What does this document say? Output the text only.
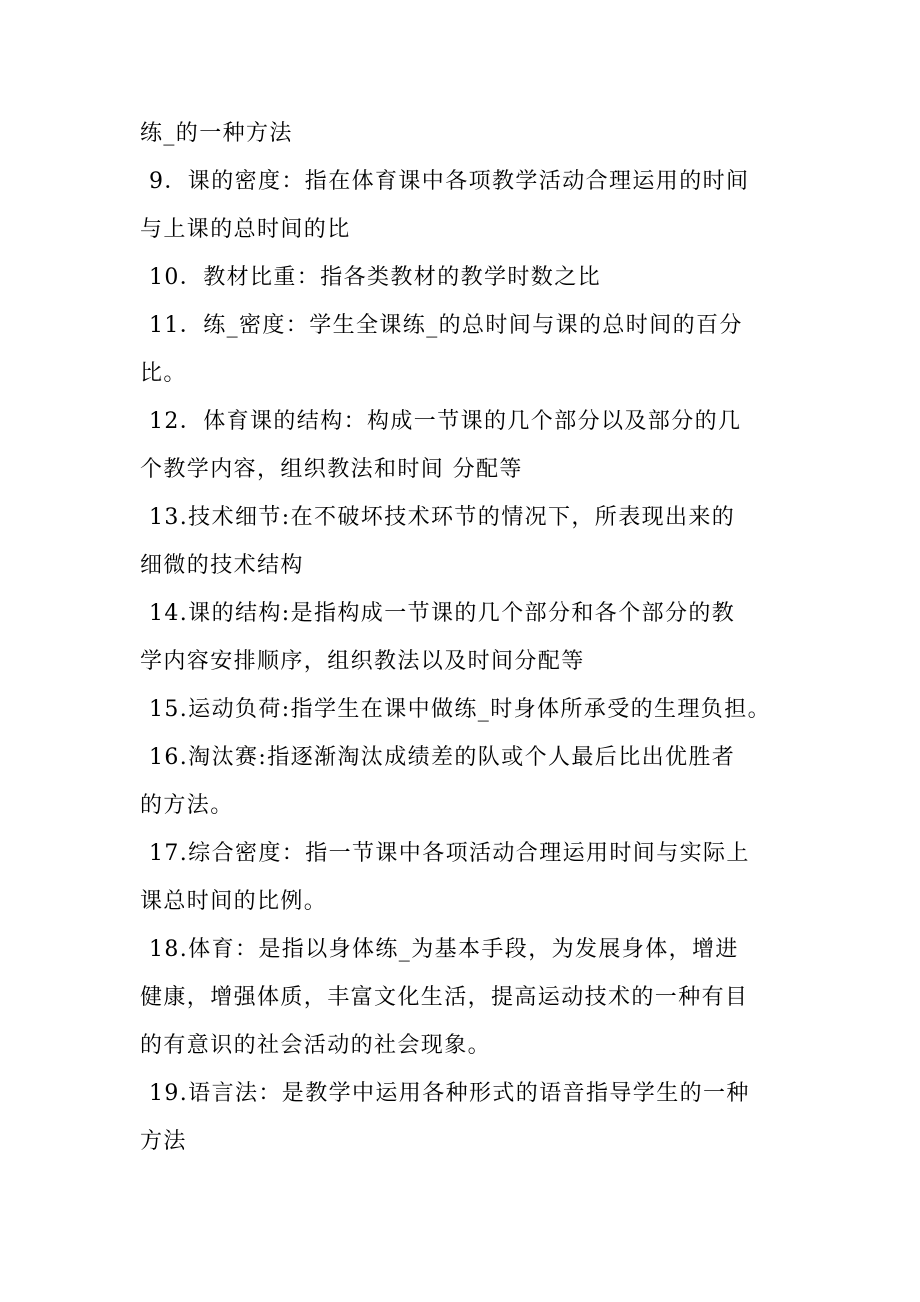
练_的一种方法
9．课的密度：指在体育课中各项教学活动合理运用的时间
与上课的总时间的比
10．教材比重：指各类教材的教学时数之比
11．练_密度：学生全课练_的总时间与课的总时间的百分
比。
12．体育课的结构：构成一节课的几个部分以及部分的几
个教学内容，组织教法和时间 分配等
13.技术细节:在不破坏技术环节的情况下，所表现出来的
细微的技术结构
14.课的结构:是指构成一节课的几个部分和各个部分的教
学内容安排顺序，组织教法以及时间分配等
15.运动负荷:指学生在课中做练_时身体所承受的生理负担。
16.淘汰赛:指逐渐淘汰成绩差的队或个人最后比出优胜者
的方法。
17.综合密度：指一节课中各项活动合理运用时间与实际上
课总时间的比例。
18.体育：是指以身体练_为基本手段，为发展身体，增进
健康，增强体质，丰富文化生活，提高运动技术的一种有目
的有意识的社会活动的社会现象。
19.语言法：是教学中运用各种形式的语音指导学生的一种
方法
